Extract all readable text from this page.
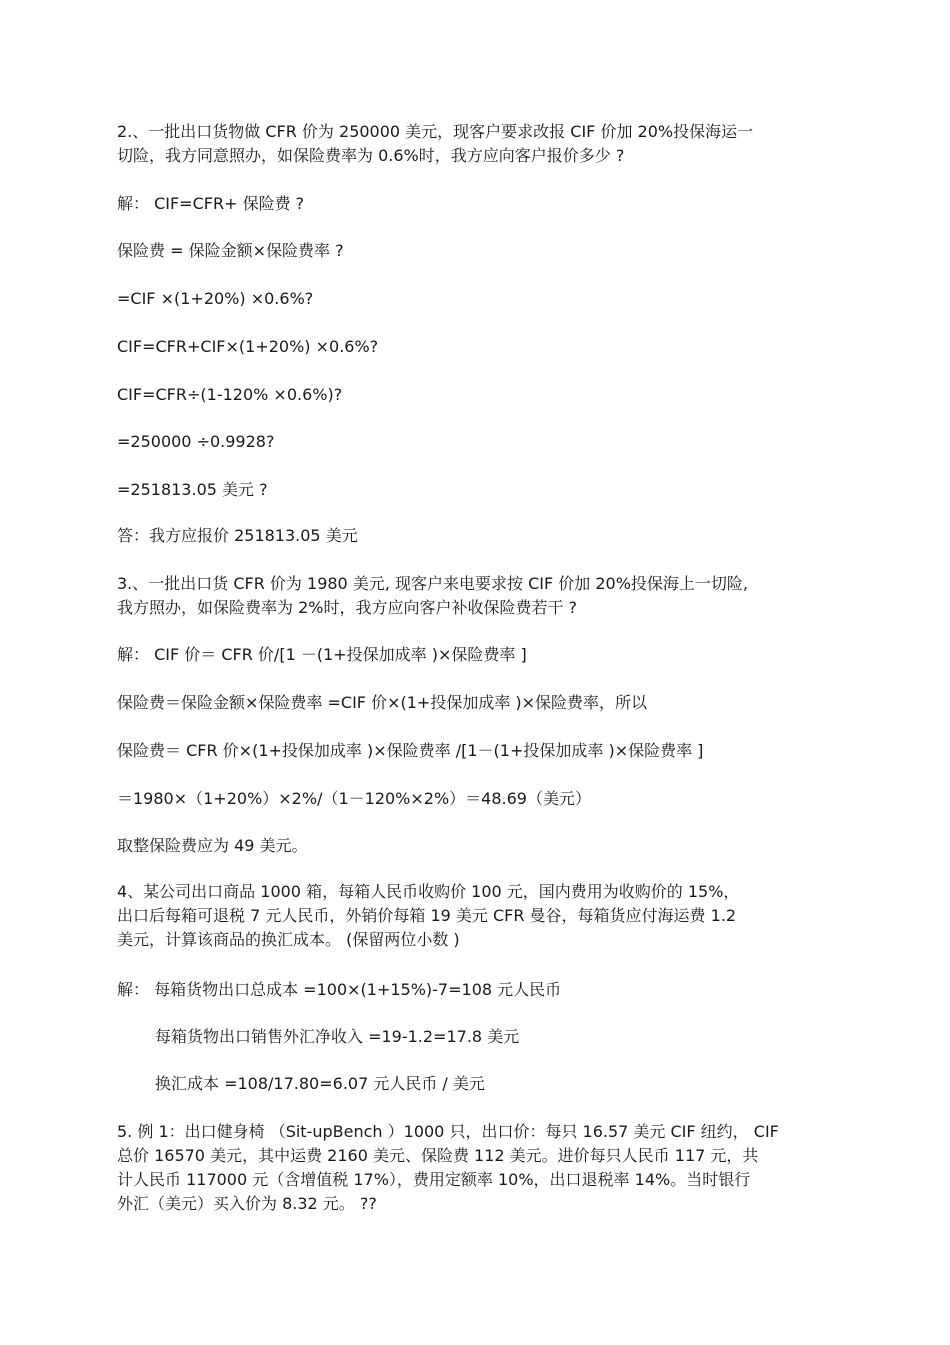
2.、一批出口货物做 CFR 价为 250000 美元，现客户要求改报 CIF 价加 20%投保海运一
切险，我方同意照办，如保险费率为 0.6%时，我方应向客户报价多少 ?
解： CIF=CFR+ 保险费 ?
保险费 = 保险金额×保险费率 ?
=CIF ×(1+20%) ×0.6%?
CIF=CFR+CIF×(1+20%) ×0.6%?
CIF=CFR÷(1-120% ×0.6%)?
=250000 ÷0.9928?
=251813.05 美元 ?
答：我方应报价 251813.05 美元
3.、一批出口货 CFR 价为 1980 美元, 现客户来电要求按 CIF 价加 20%投保海上一切险,
我方照办，如保险费率为 2%时，我方应向客户补收保险费若干 ?
解： CIF 价＝ CFR 价/[1 －(1+投保加成率 )×保险费率 ]
保险费＝保险金额×保险费率 =CIF 价×(1+投保加成率 )×保险费率，所以
保险费＝ CFR 价×(1+投保加成率 )×保险费率 /[1－(1+投保加成率 )×保险费率 ]
＝1980×（1+20%）×2%/（1－120%×2%）＝48.69（美元）
取整保险费应为 49 美元。
4、某公司出口商品 1000 箱，每箱人民币收购价 100 元，国内费用为收购价的 15%，
出口后每箱可退税 7 元人民币，外销价每箱 19 美元 CFR 曼谷，每箱货应付海运费 1.2
美元，计算该商品的换汇成本。 (保留两位小数 )
解： 每箱货物出口总成本 =100×(1+15%)-7=108 元人民币
每箱货物出口销售外汇净收入 =19-1.2=17.8 美元
换汇成本 =108/17.80=6.07 元人民币 / 美元
5. 例 1：出口健身椅 （Sit-upBench ）1000 只，出口价：每只 16.57 美元 CIF 纽约， CIF
总价 16570 美元，其中运费 2160 美元、保险费 112 美元。进价每只人民币 117 元，共
计人民币 117000 元（含增值税 17%），费用定额率 10%，出口退税率 14%。当时银行
外汇（美元）买入价为 8.32 元。 ??
